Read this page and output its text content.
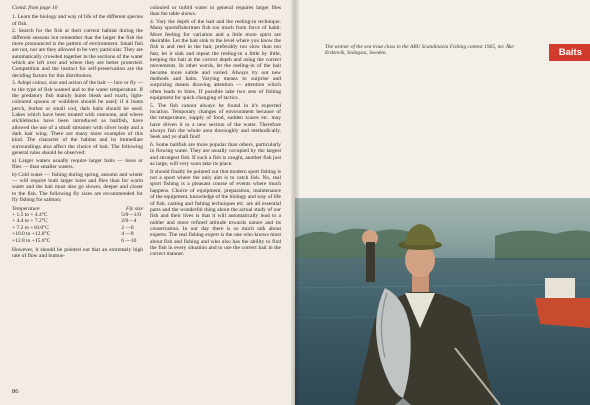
Contd. from page 10

1. Learn the biology and way of life of the different species of fish.

2. Search for the fish at their current habitat during the different seasons but remember that the larger the fish the more pronounced is the pattern of environment. Small fish are not, nor are they allowed to be very particular. They are automatically crowded together in the sections of the water which are left over and where they are better protected. Competition and the instinct for self-preservation are the deciding factors for this distribution.

3. Adopt colour, size and action of the bait — lure or fly — to the type of fish wanted and to the water temperature. If the predatory fish mainly hunts bleak and roach, light-coloured spoons or wobblers should be used; if it hunts perch, burbot or small cod, dark baits should be used. Lakes which have been treated with rotenone, and where sticklebacks have been introduced as baitfish, have allowed the use of a small streamer with silver body and a dark hair wing. There are many more examples of this kind. The character of the habitat and its immediate surroundings also affect the choice of bait. The following general rules should be observed:

a) Larger waters usually require larger baits — lures or flies — than smaller waters.

b) Cold water — fishing during spring, autumn and winter — will require both larger lures and flies than for warm water and the bait must also go slower, deeper and closer to the fish. The following fly sizes are recommended for fly fishing for salmon:

Temperature	Fly size
+ 1.5 to + 4.4°C	5/0—1/0
+ 4.4 to + 7.2°C	2/0—4
+ 7.2 to +10.0°C	2 —6
+10.0 to +12.8°C	4 —8
+12.8 to +15.6°C	6 —10

However, it should be pointed out that an extremely high rate of flow and humus-

coloured or turbid water in general requires larger flies than the table shows.

4. Vary the depth of the bait and the reeling-in technique. Many sportsfishermen fish too much from force of habit. More feeling for variation and a little more spirit are desirable. Let the bait sink to the level where you know the fish is and reel in the bait, preferably too slow than too fast, let it sink and repeat the reeling-in a little by little, keeping the bait at the correct depth and using the correct movements. In other words, let the reeling-in of the bait become more subtle and varied. Always try out new methods and baits. Varying means to surprise and surprising means drawing attention — attention which often leads to bites. If possible take two sets of fishing equipment for quick changing of tactics.

5. The fish cannot always be found in it's expected location. Temporary changes of environment because of the temperature, supply of food, sudden scares etc. may have driven it to a new section of the water. Therefore always fish the whole area thoroughly and methodically. Seek and ye shall find!

6. Some baitfish are more popular than others, particularly in flowing water. They are usually occupied by the largest and strongest fish. If such a fish is caught, another fish just as large, will very soon take its place.

It should finally be pointed out that modern sport fishing is not a sport where the only aim is to catch fish. No, real sport fishing is a pleasant course of events where much happens. Choice of equipment, preparation, maintenance of the equipment, knowledge of the biology and way of life of fish, casting and fishing techniques etc. are all essential parts and the wonderful thing about the actual study of our fish and their lives is that it will automatically lead to a nobler and more refined attitude towards nature and its conservation. In our day there is so much talk about experts. The real fishing expert is the one who knows most about fish and fishing and who also has the ability to find the fish in every situation and to use the correct bait in the correct manner.

86
The winner of the sea trout class in the ABU Scandinavia Fishing contest 1965, mr. Åke Erdenvik, Svängsta, Sweden.	Baits
